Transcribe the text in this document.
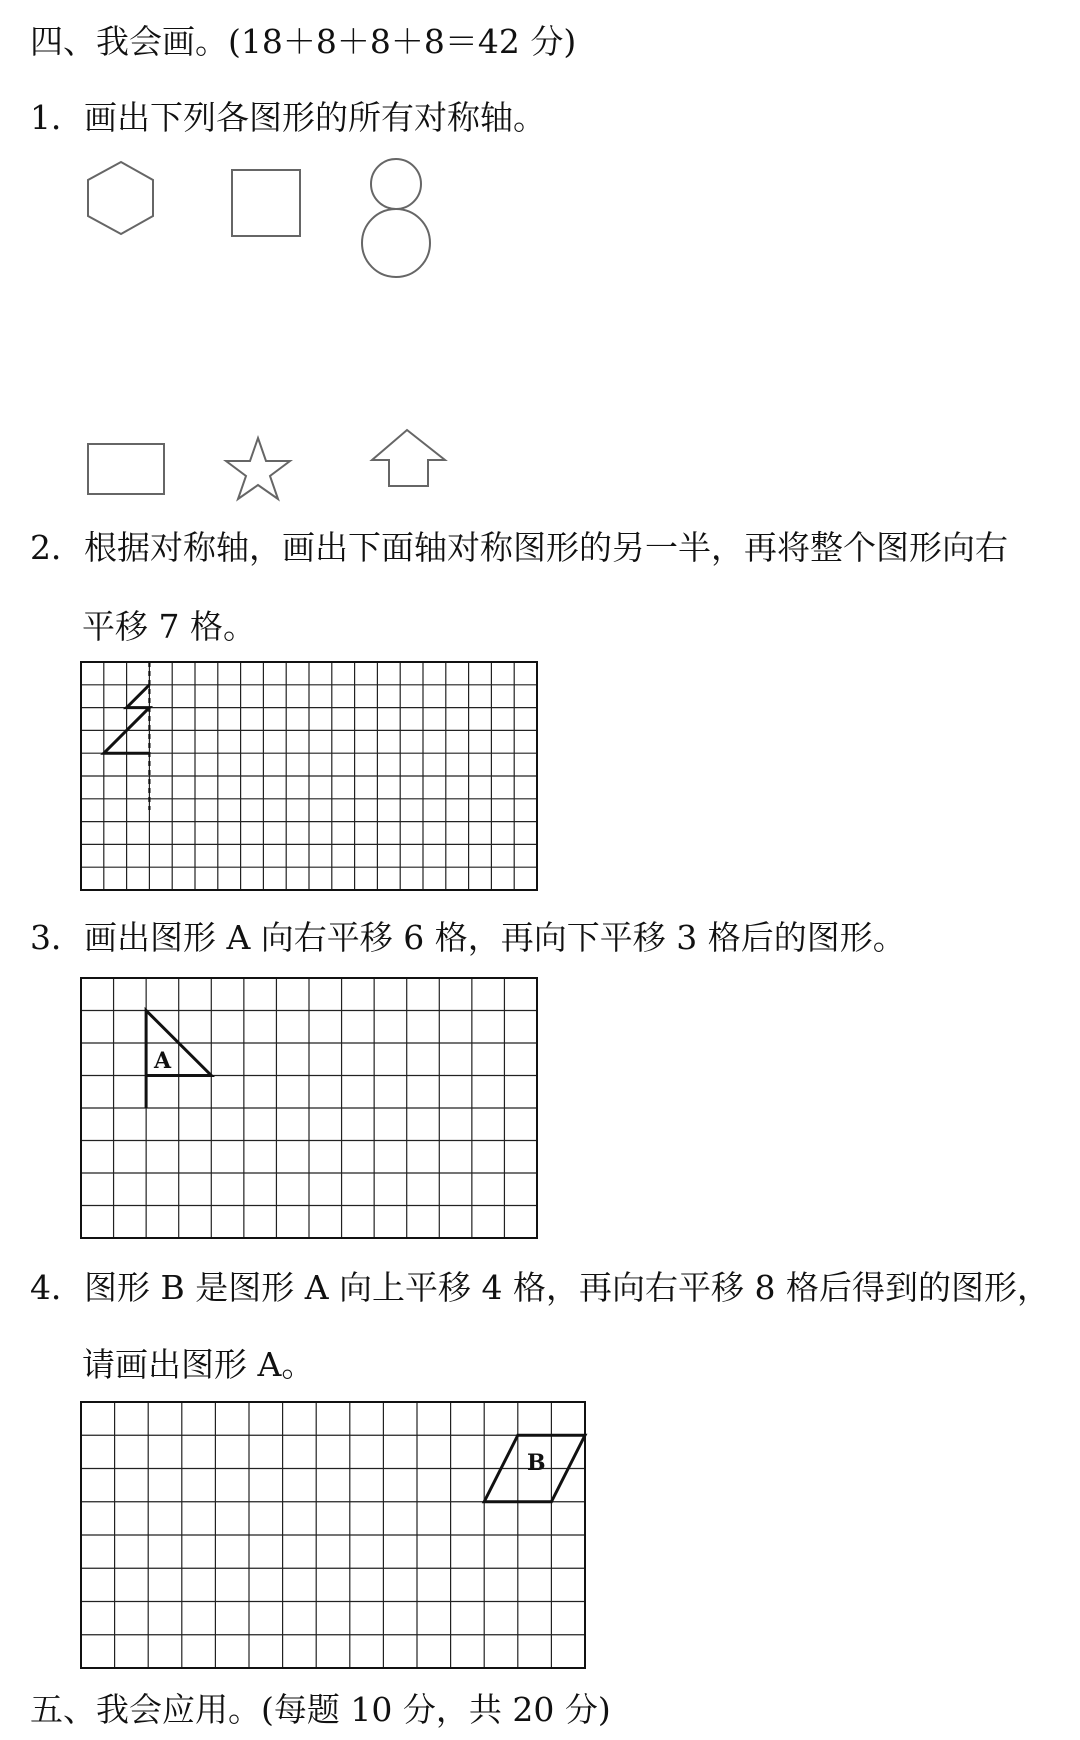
四、我会画。(18＋8＋8＋8＝42 分)

1．画出下列各图形的所有对称轴。

2．根据对称轴，画出下面轴对称图形的另一半，再将整个图形向右

平移 7 格。

3．画出图形 A 向右平移 6 格，再向下平移 3 格后的图形。

A

4．图形 B 是图形 A 向上平移 4 格，再向右平移 8 格后得到的图形，

请画出图形 A。

B

五、我会应用。(每题 10 分，共 20 分)
